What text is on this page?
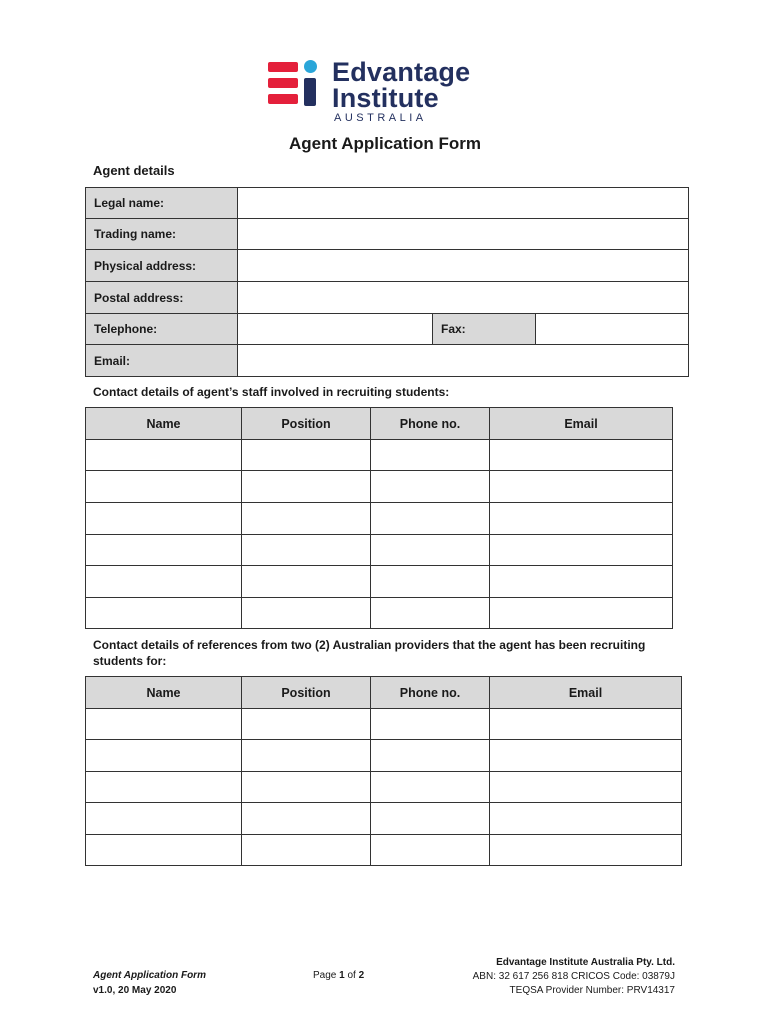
Edvantage
Institute
AUSTRALIA
Agent Application Form
Agent details
Legal name:
Trading name:
Physical address:
Postal address:
Telephone:	Fax:
Email:
Contact details of agent’s staff involved in recruiting students:
Name	Position	Phone no.	Email
Contact details of references from two (2) Australian providers that the agent has been recruiting students for:
Name	Position	Phone no.	Email
Agent Application Form
v1.0, 20 May 2020
Page 1 of 2
Edvantage Institute Australia Pty. Ltd.
ABN: 32 617 256 818 CRICOS Code: 03879J
TEQSA Provider Number: PRV14317
